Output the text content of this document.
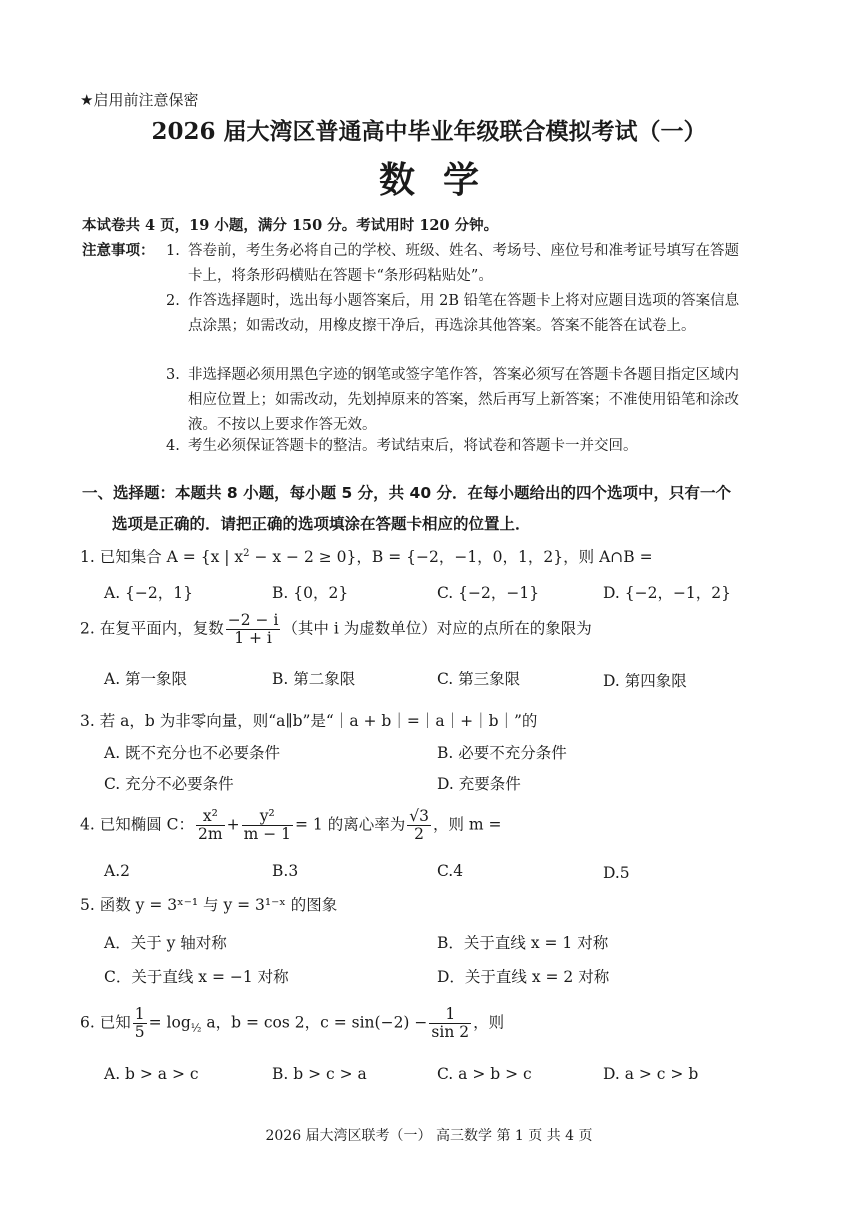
★启用前注意保密
2026 届大湾区普通高中毕业年级联合模拟考试（一）
数学
本试卷共 4 页，19 小题，满分 150 分。考试用时 120 分钟。
注意事项： 1. 答卷前，考生务必将自己的学校、班级、姓名、考场号、座位号和准考证号填写在答题卡上，将条形码横贴在答题卡“条形码粘贴处”。
2. 作答选择题时，选出每小题答案后，用 2B 铅笔在答题卡上将对应题目选项的答案信息点涂黑；如需改动，用橡皮擦干净后，再选涂其他答案。答案不能答在试卷上。
3. 非选择题必须用黑色字迹的钢笔或签字笔作答，答案必须写在答题卡各题目指定区域内相应位置上；如需改动，先划掉原来的答案，然后再写上新答案；不准使用铅笔和涂改液。不按以上要求作答无效。
4. 考生必须保证答题卡的整洁。考试结束后，将试卷和答题卡一并交回。
一、选择题：本题共 8 小题，每小题 5 分，共 40 分．在每小题给出的四个选项中，只有一个
选项是正确的．请把正确的选项填涂在答题卡相应的位置上．
1. 已知集合 A = {x | $x^2 - x - 2 \ge 0$}，B = {−2，−1，0，1，2}，则 A∩B =
A. {−2，1}	B. {0，2}	C. {−2，−1}	D. {−2，−1，2}
2. 在复平面内，复数 $\frac{-2 - i}{1 + i}$ （其中 i 为虚数单位）对应的点所在的象限为
A. 第一象限	B. 第二象限	C. 第三象限	D. 第四象限
3. 若 a，b 为非零向量，则“a∥b”是“｜a + b｜=｜a｜+｜b｜”的
A. 既不充分也不必要条件	B. 必要不充分条件
C. 充分不必要条件	D. 充要条件
4. 已知椭圆 C： $\frac{\text{x²}}{2m} + \frac{\text{y²}}{m - 1} = 1$ 的离心率为 $\frac{√3}{2}$ ，则 m =
A.2	B.3	C.4	D.5
5. 函数 y = 3ˣ⁻¹ 与 y = 3¹⁻ˣ 的图象
A．关于 y 轴对称	B．关于直线 x = 1 对称
C．关于直线 x = −1 对称	D．关于直线 x = 2 对称
6. 已知 $\frac{1}{5} = \log_{\frac{1}{2}} a$，b = cos 2，$c = \sin(-2) - \frac{1}{\sin 2}$ ，则
A. b > a > c	B. b > c > a	C. a > b > c	D. a > c > b
2026 届大湾区联考（一） 高三数学 第 1 页 共 4 页
